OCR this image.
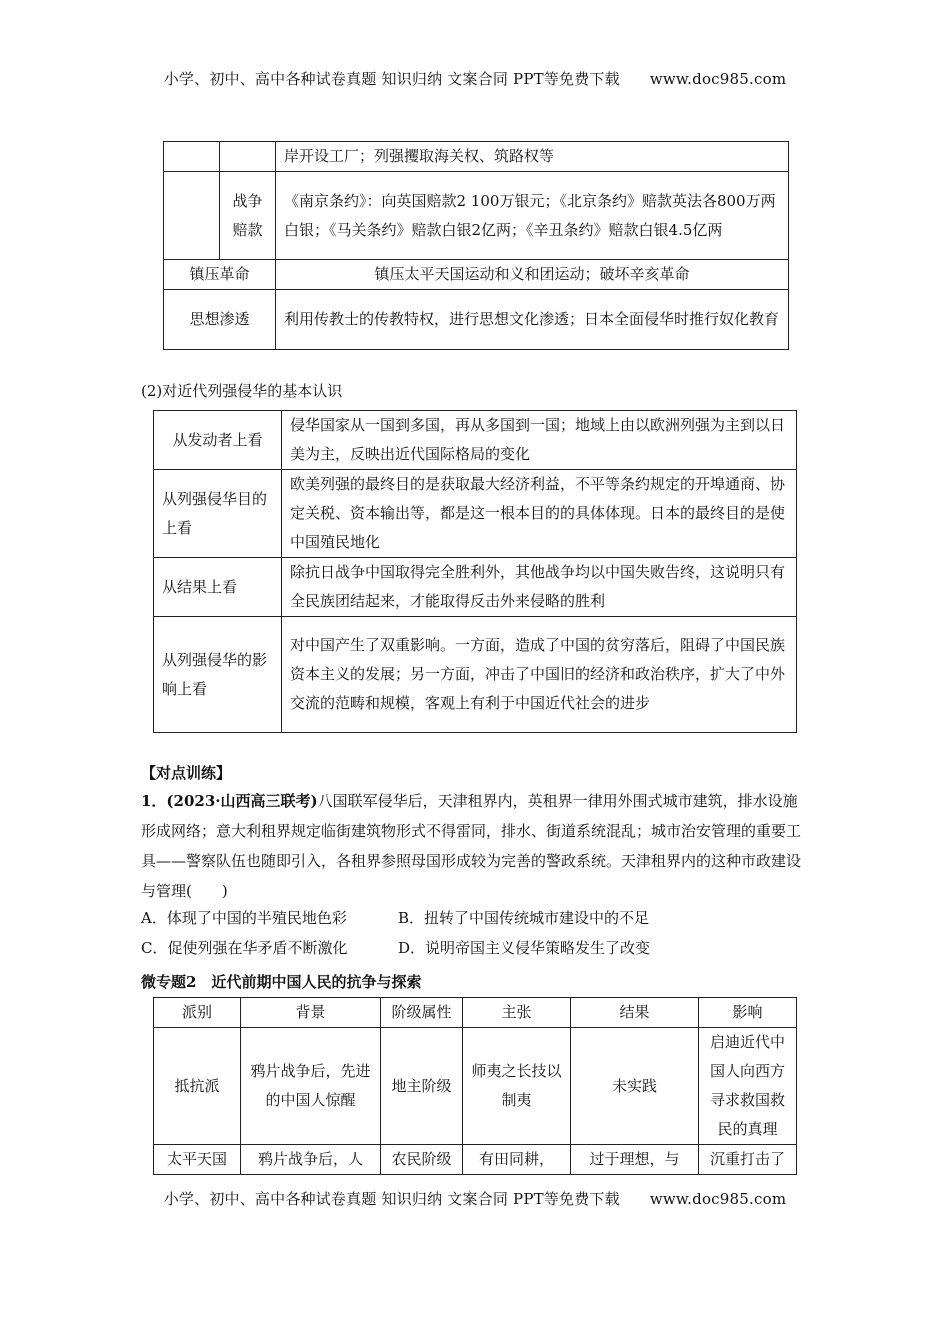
小学、初中、高中各种试卷真题 知识归纳 文案合同 PPT等免费下载 www.doc985.com
		岸开设工厂；列强攫取海关权、筑路权等
	战争赔款	《南京条约》：向英国赔款2 100万银元；《北京条约》赔款英法各800万两白银；《马关条约》赔款白银2亿两；《辛丑条约》赔款白银4.5亿两
镇压革命		镇压太平天国运动和义和团运动；破坏辛亥革命
思想渗透		利用传教士的传教特权，进行思想文化渗透；日本全面侵华时推行奴化教育
(2)对近代列强侵华的基本认识
从发动者上看	侵华国家从一国到多国，再从多国到一国；地域上由以欧洲列强为主到以日美为主，反映出近代国际格局的变化
从列强侵华目的上看	欧美列强的最终目的是获取最大经济利益，不平等条约规定的开埠通商、协定关税、资本输出等，都是这一根本目的的具体体现。日本的最终目的是使中国殖民地化
从结果上看	除抗日战争中国取得完全胜利外，其他战争均以中国失败告终，这说明只有全民族团结起来，才能取得反击外来侵略的胜利
从列强侵华的影响上看	对中国产生了双重影响。一方面，造成了中国的贫穷落后，阻碍了中国民族资本主义的发展；另一方面，冲击了中国旧的经济和政治秩序，扩大了中外交流的范畴和规模，客观上有利于中国近代社会的进步
【对点训练】
1．(2023·山西高三联考)八国联军侵华后，天津租界内，英租界一律用外围式城市建筑，排水设施形成网络；意大利租界规定临街建筑物形式不得雷同，排水、街道系统混乱；城市治安管理的重要工具——警察队伍也随即引入，各租界参照母国形成较为完善的警政系统。天津租界内的这种市政建设与管理(　　)
A．体现了中国的半殖民地色彩	B．扭转了中国传统城市建设中的不足
C．促使列强在华矛盾不断激化	D．说明帝国主义侵华策略发生了改变
微专题2　近代前期中国人民的抗争与探索
派别	背景	阶级属性	主张	结果	影响
抵抗派	鸦片战争后，先进的中国人惊醒	地主阶级	师夷之长技以制夷	未实践	启迪近代中国人向西方寻求救国救民的真理
太平天国	鸦片战争后，人	农民阶级	有田同耕，	过于理想，与	沉重打击了
小学、初中、高中各种试卷真题 知识归纳 文案合同 PPT等免费下载 www.doc985.com
